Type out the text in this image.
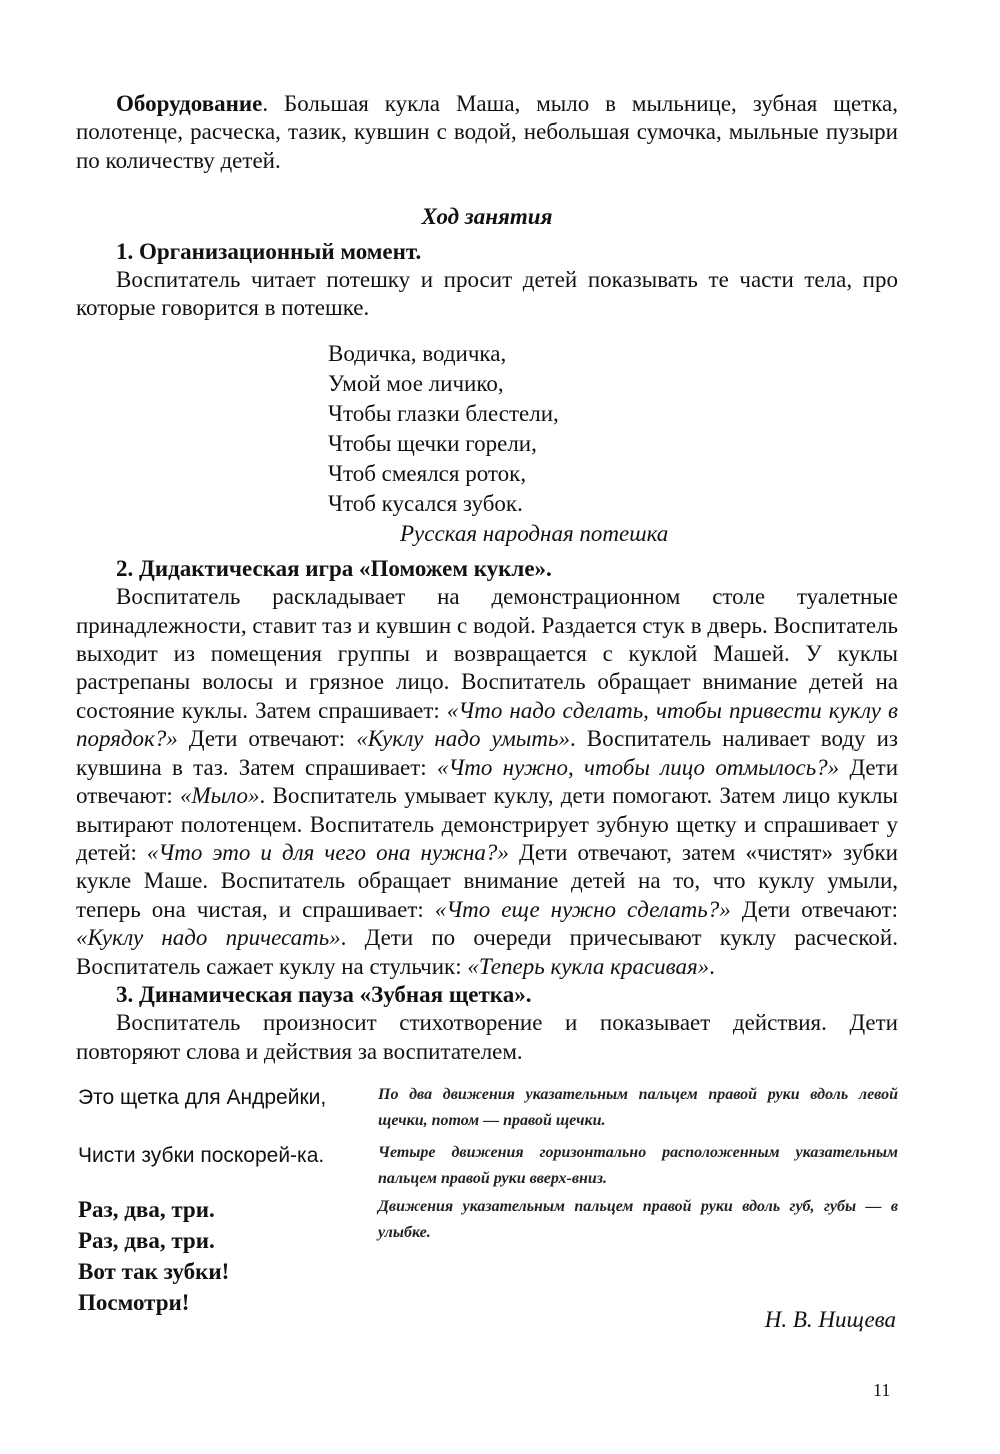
Оборудование. Большая кукла Маша, мыло в мыльнице, зубная щетка, полотенце, расческа, тазик, кувшин с водой, небольшая сумочка, мыльные пузыри по количеству детей.

Ход занятия
1. Организационный момент.

Воспитатель читает потешку и просит детей показывать те части тела, про которые говорится в потешке.

Водичка, водичка,
Умой мое личико,
Чтобы глазки блестели,
Чтобы щечки горели,
Чтоб смеялся роток,
Чтоб кусался зубок.
Русская народная потешка
2. Дидактическая игра «Поможем кукле».

Воспитатель раскладывает на демонстрационном столе туалетные принадлежности, ставит таз и кувшин с водой. Раздается стук в дверь. Воспитатель выходит из помещения группы и возвращается с куклой Машей. У куклы растрепаны волосы и грязное лицо. Воспитатель обращает внимание детей на состояние куклы. Затем спрашивает: «Что надо сделать, чтобы привести куклу в порядок?» Дети отвечают: «Куклу надо умыть». Воспитатель наливает воду из кувшина в таз. Затем спрашивает: «Что нужно, чтобы лицо отмылось?» Дети отвечают: «Мыло». Воспитатель умывает куклу, дети помогают. Затем лицо куклы вытирают полотенцем. Воспитатель демонстрирует зубную щетку и спрашивает у детей: «Что это и для чего она нужна?» Дети отвечают, затем «чистят» зубки кукле Маше. Воспитатель обращает внимание детей на то, что куклу умыли, теперь она чистая, и спрашивает: «Что еще нужно сделать?» Дети отвечают: «Куклу надо причесать». Дети по очереди причесывают куклу расческой. Воспитатель сажает куклу на стульчик: «Теперь кукла красивая».

3. Динамическая пауза «Зубная щетка».

Воспитатель произносит стихотворение и показывает действия. Дети повторяют слова и действия за воспитателем.

Это щетка для Андрейки,	По два движения указательным пальцем правой руки вдоль левой щечки, потом — правой щечки.
Чисти зубки поскорей-ка.	Четыре движения горизонтально расположенным указательным пальцем правой руки вверх-вниз.
Раз, два, три.
Раз, два, три.
Вот так зубки!
Посмотри!
Движения указательным пальцем правой руки вдоль губ, губы — в улыбке.
Н. В. Нищева
11
